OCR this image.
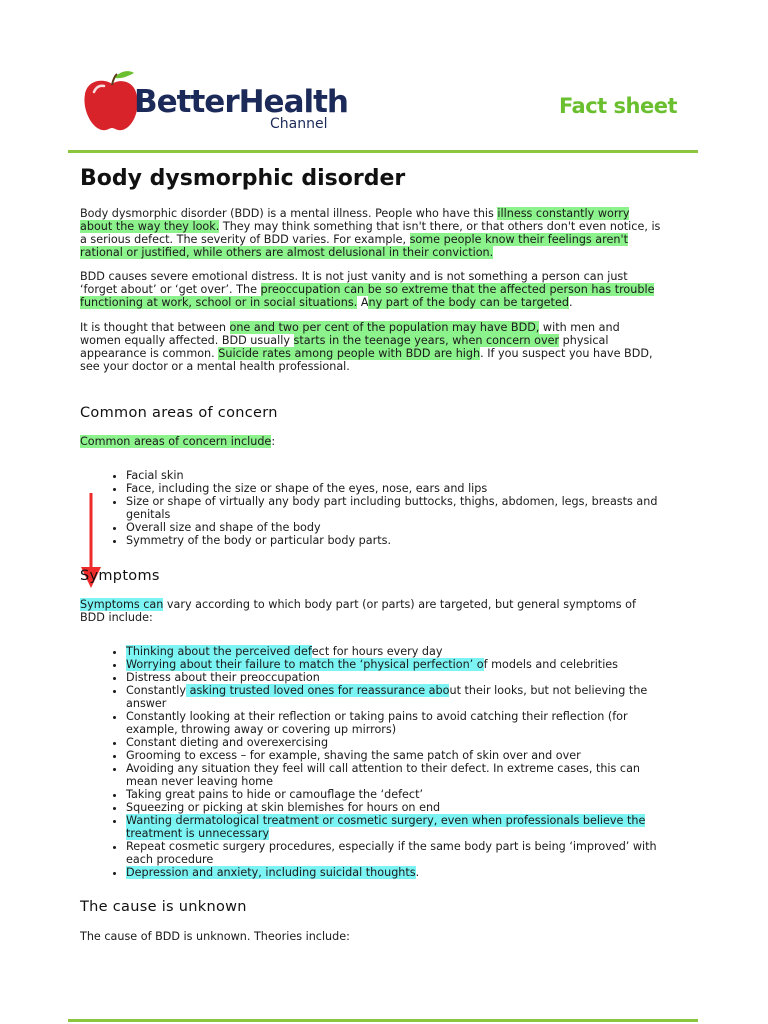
BetterHealth
Channel
Fact sheet
Body dysmorphic disorder

Body dysmorphic disorder (BDD) is a mental illness. People who have this illness constantly worry about the way they look. They may think something that isn't there, or that others don't even notice, is a serious defect. The severity of BDD varies. For example, some people know their feelings aren't rational or justified, while others are almost delusional in their conviction.

BDD causes severe emotional distress. It is not just vanity and is not something a person can just ‘forget about’ or ‘get over’. The preoccupation can be so extreme that the affected person has trouble functioning at work, school or in social situations. Any part of the body can be targeted.

It is thought that between one and two per cent of the population may have BDD, with men and women equally affected. BDD usually starts in the teenage years, when concern over physical appearance is common. Suicide rates among people with BDD are high. If you suspect you have BDD, see your doctor or a mental health professional.

Common areas of concern

Common areas of concern include:

• Facial skin
• Face, including the size or shape of the eyes, nose, ears and lips
• Size or shape of virtually any body part including buttocks, thighs, abdomen, legs, breasts and genitals
• Overall size and shape of the body
• Symmetry of the body or particular body parts.
Symptoms

Symptoms can vary according to which body part (or parts) are targeted, but general symptoms of BDD include:

• Thinking about the perceived defect for hours every day
• Worrying about their failure to match the ‘physical perfection’ of models and celebrities
• Distress about their preoccupation
• Constantly asking trusted loved ones for reassurance about their looks, but not believing the answer
• Constantly looking at their reflection or taking pains to avoid catching their reflection (for example, throwing away or covering up mirrors)
• Constant dieting and overexercising
• Grooming to excess – for example, shaving the same patch of skin over and over
• Avoiding any situation they feel will call attention to their defect. In extreme cases, this can mean never leaving home
• Taking great pains to hide or camouflage the ‘defect’
• Squeezing or picking at skin blemishes for hours on end
• Wanting dermatological treatment or cosmetic surgery, even when professionals believe the treatment is unnecessary
• Repeat cosmetic surgery procedures, especially if the same body part is being ‘improved’ with each procedure
• Depression and anxiety, including suicidal thoughts.
The cause is unknown

The cause of BDD is unknown. Theories include:
